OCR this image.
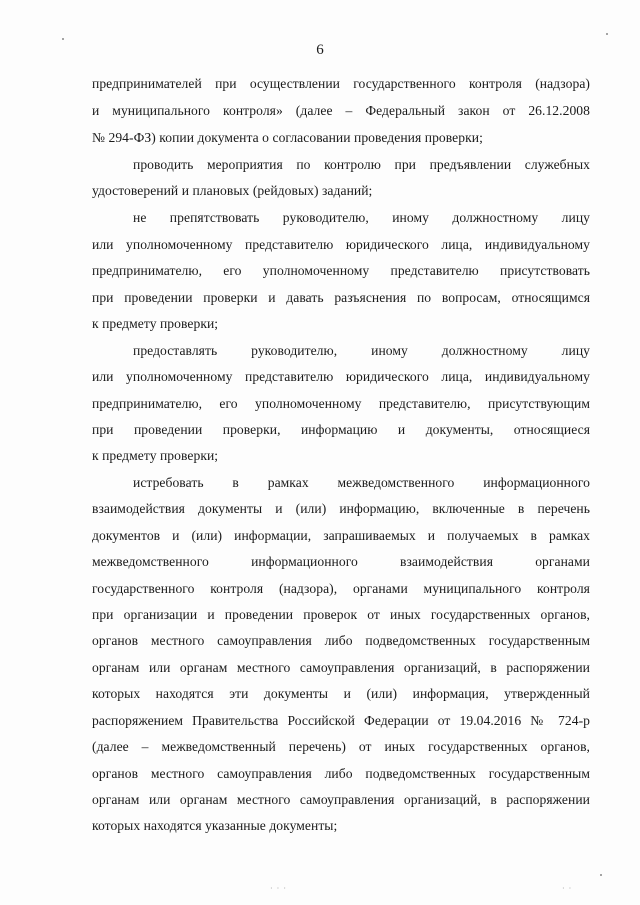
6
предпринимателей при осуществлении государственного контроля (надзора)
и муниципального контроля» (далее – Федеральный закон от 26.12.2008
№ 294-ФЗ) копии документа о согласовании проведения проверки;
проводить мероприятия по контролю при предъявлении служебных
удостоверений и плановых (рейдовых) заданий;
не препятствовать руководителю, иному должностному лицу
или уполномоченному представителю юридического лица, индивидуальному
предпринимателю, его уполномоченному представителю присутствовать
при проведении проверки и давать разъяснения по вопросам, относящимся
к предмету проверки;
предоставлять руководителю, иному должностному лицу
или уполномоченному представителю юридического лица, индивидуальному
предпринимателю, его уполномоченному представителю, присутствующим
при проведении проверки, информацию и документы, относящиеся
к предмету проверки;
истребовать в рамках межведомственного информационного
взаимодействия документы и (или) информацию, включенные в перечень
документов и (или) информации, запрашиваемых и получаемых в рамках
межведомственного информационного взаимодействия органами
государственного контроля (надзора), органами муниципального контроля
при организации и проведении проверок от иных государственных органов,
органов местного самоуправления либо подведомственных государственным
органам или органам местного самоуправления организаций, в распоряжении
которых находятся эти документы и (или) информация, утвержденный
распоряжением Правительства Российской Федерации от 19.04.2016 № 724-р
(далее – межведомственный перечень) от иных государственных органов,
органов местного самоуправления либо подведомственных государственным
органам или органам местного самоуправления организаций, в распоряжении
которых находятся указанные документы;
· · ·	· ·
